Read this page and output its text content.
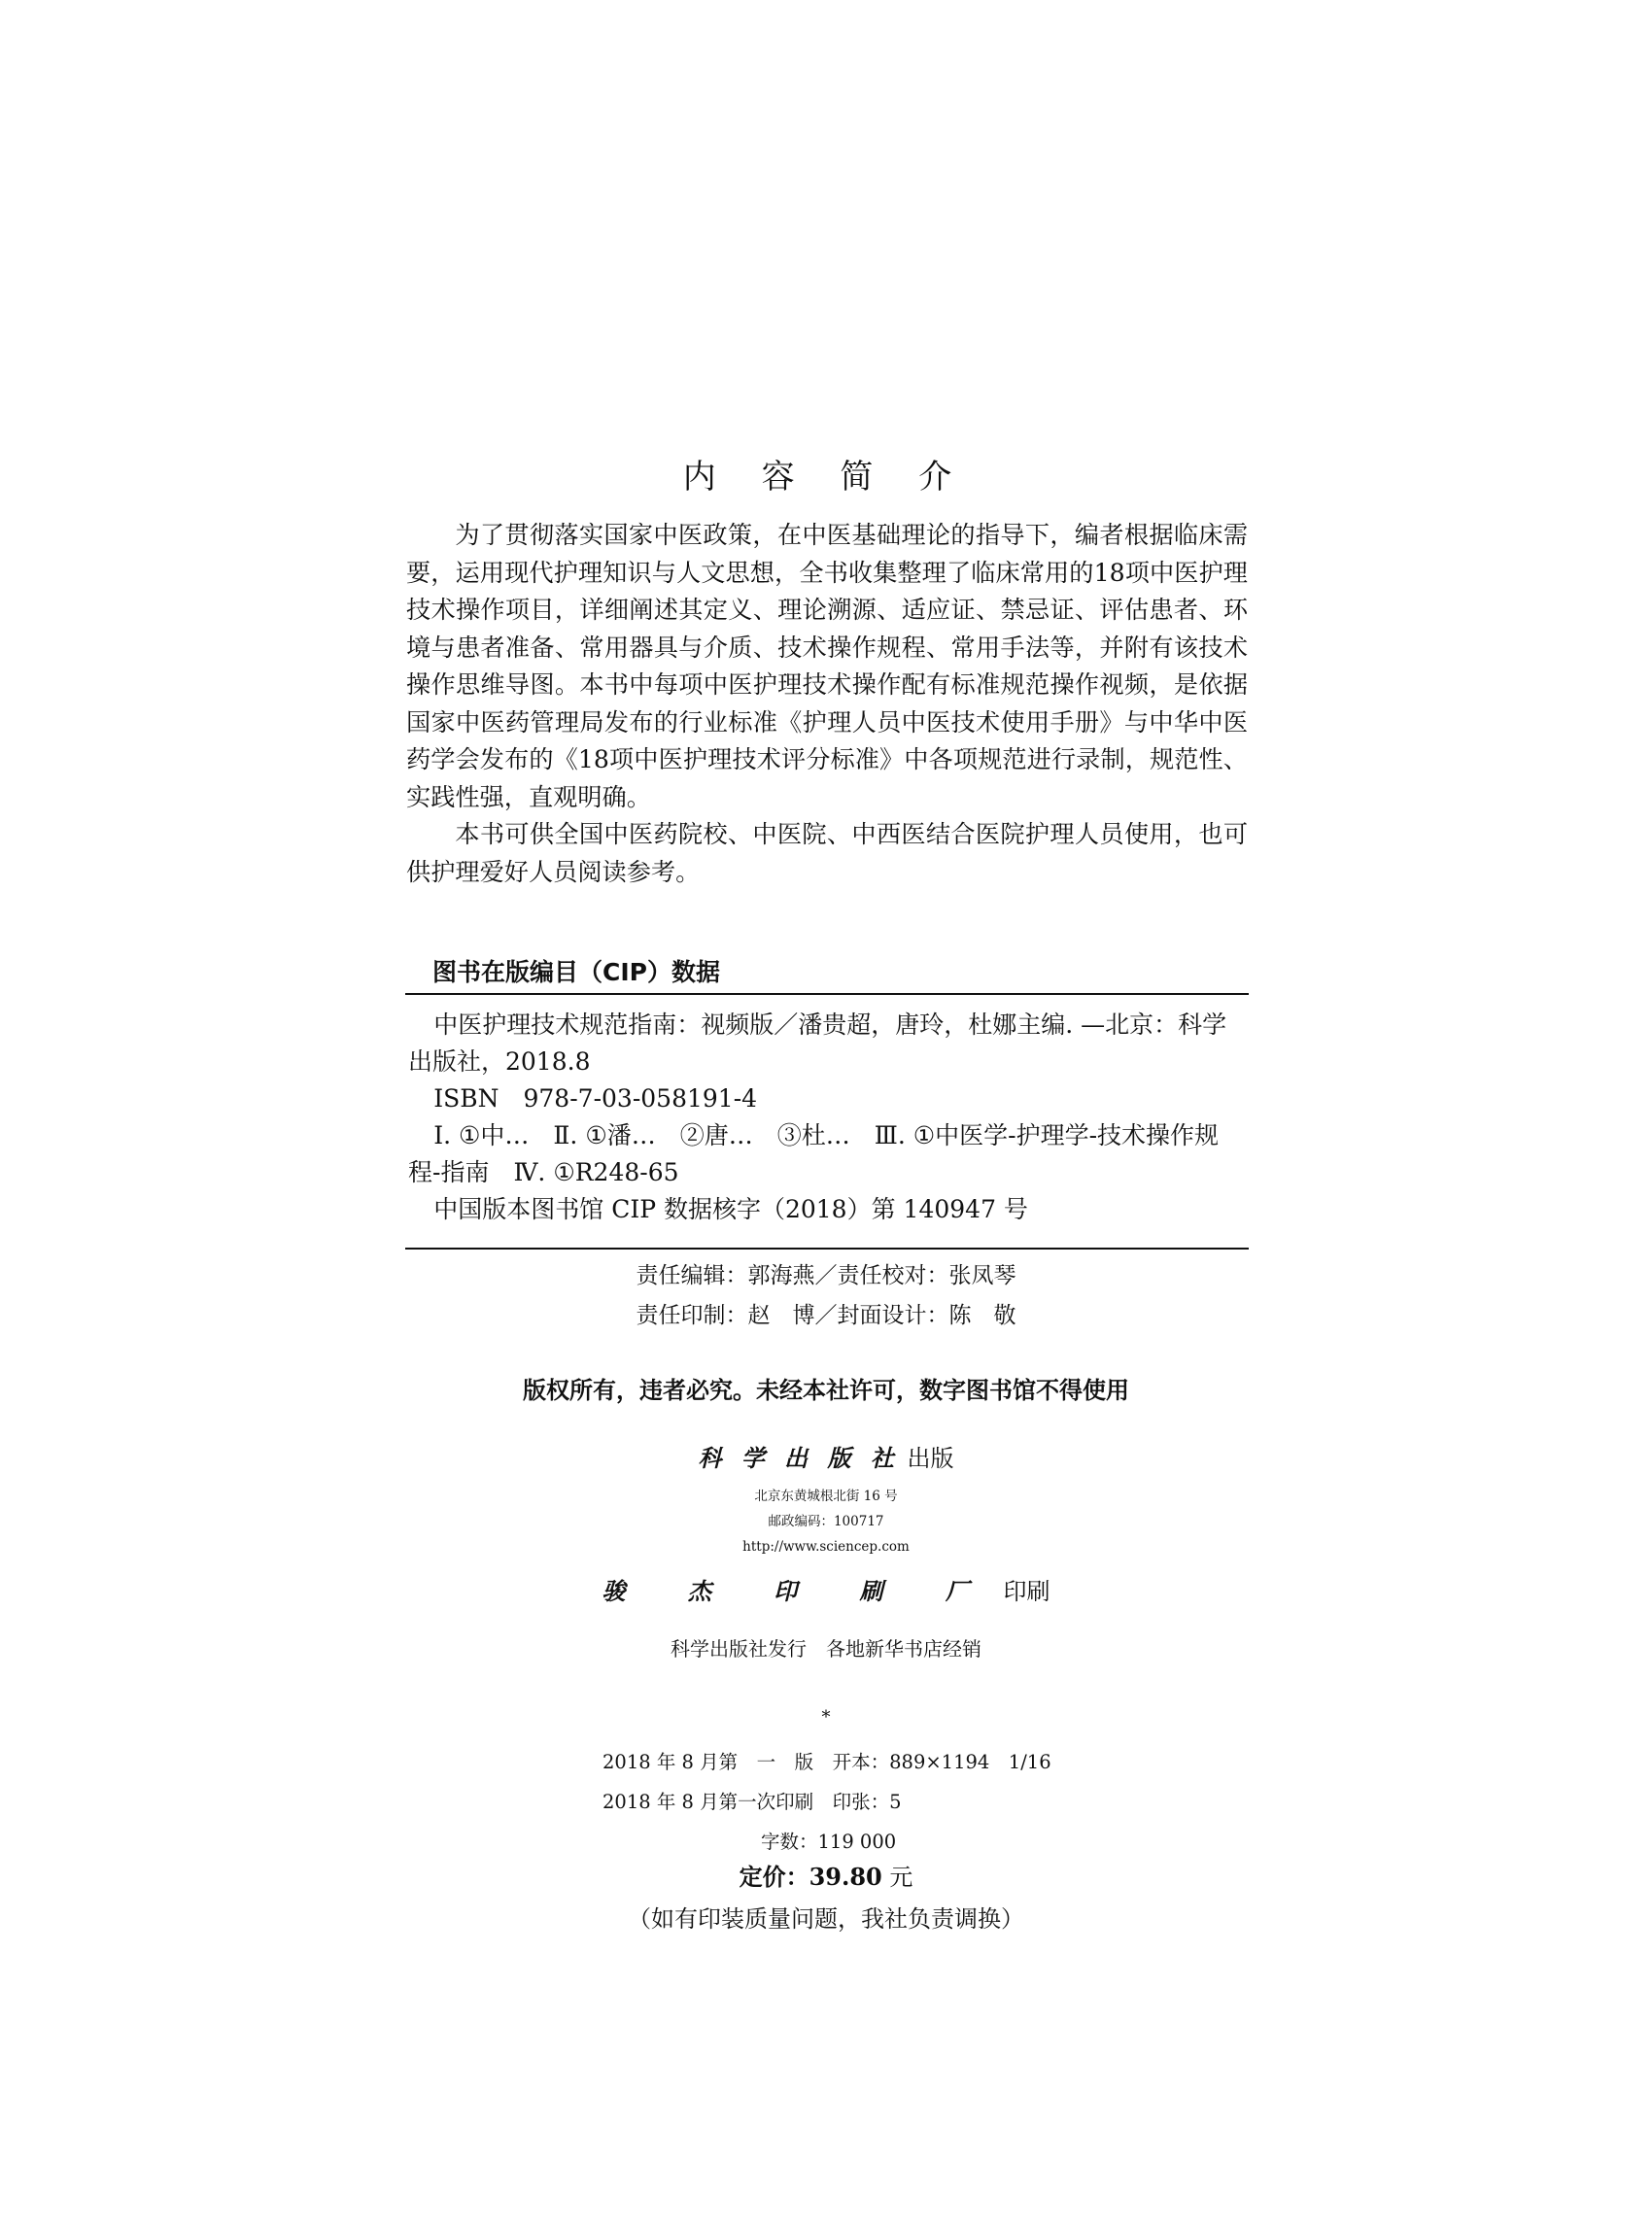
内 容 简 介

为了贯彻落实国家中医政策，在中医基础理论的指导下，编者根据临床需要，运用现代护理知识与人文思想，全书收集整理了临床常用的18项中医护理技术操作项目，详细阐述其定义、理论溯源、适应证、禁忌证、评估患者、环境与患者准备、常用器具与介质、技术操作规程、常用手法等，并附有该技术操作思维导图。本书中每项中医护理技术操作配有标准规范操作视频，是依据国家中医药管理局发布的行业标准《护理人员中医技术使用手册》与中华中医药学会发布的《18项中医护理技术评分标准》中各项规范进行录制，规范性、实践性强，直观明确。

本书可供全国中医药院校、中医院、中西医结合医院护理人员使用，也可供护理爱好人员阅读参考。

图书在版编目（CIP）数据
中医护理技术规范指南：视频版／潘贵超，唐玲，杜娜主编. —北京：科学出版社，2018.8
ISBN　978-7-03-058191-4
Ⅰ. ①中…　Ⅱ. ①潘…　②唐…　③杜…　Ⅲ. ①中医学-护理学-技术操作规程-指南　Ⅳ. ①R248-65
中国版本图书馆 CIP 数据核字（2018）第 140947 号
责任编辑：郭海燕／责任校对：张凤琴
责任印制：赵　博／封面设计：陈　敬
版权所有，违者必究。未经本社许可，数字图书馆不得使用
科 学 出 版 社 出版
北京东黄城根北街 16 号
邮政编码：100717
http://www.sciencep.com
骏 杰 印 刷 厂 印刷
科学出版社发行　各地新华书店经销
*
2018 年 8 月第　一　版　开本：889×1194　1/16
2018 年 8 月第一次印刷　印张：5
字数：119 000
定价：39.80 元
（如有印装质量问题，我社负责调换）
